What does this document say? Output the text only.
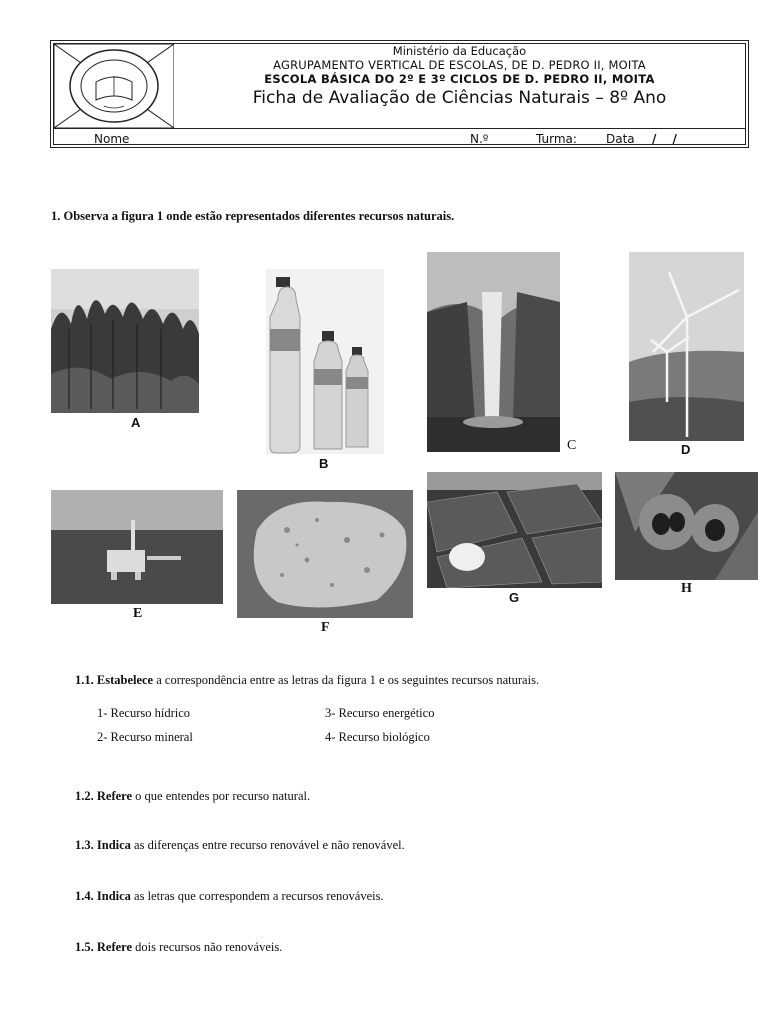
Ministério da Educação
AGRUPAMENTO VERTICAL DE ESCOLAS, DE D. PEDRO II, MOITA
ESCOLA BÁSICA DO 2º E 3º CICLOS DE D. PEDRO II, MOITA
Ficha de Avaliação de Ciências Naturais – 8º Ano
Nome	N.º	Turma: Data / /
1. Observa a figura 1 onde estão representados diferentes recursos naturais.
A
B
C	D
E
F
G
H
1.1. Estabelece a correspondência entre as letras da figura 1 e os seguintes recursos naturais.
1- Recurso hídrico
2- Recurso mineral
3- Recurso energético
4- Recurso biológico
1.2. Refere o que entendes por recurso natural.
1.3. Indica as diferenças entre recurso renovável e não renovável.
1.4. Indica as letras que correspondem a recursos renováveis.
1.5. Refere dois recursos não renováveis.
